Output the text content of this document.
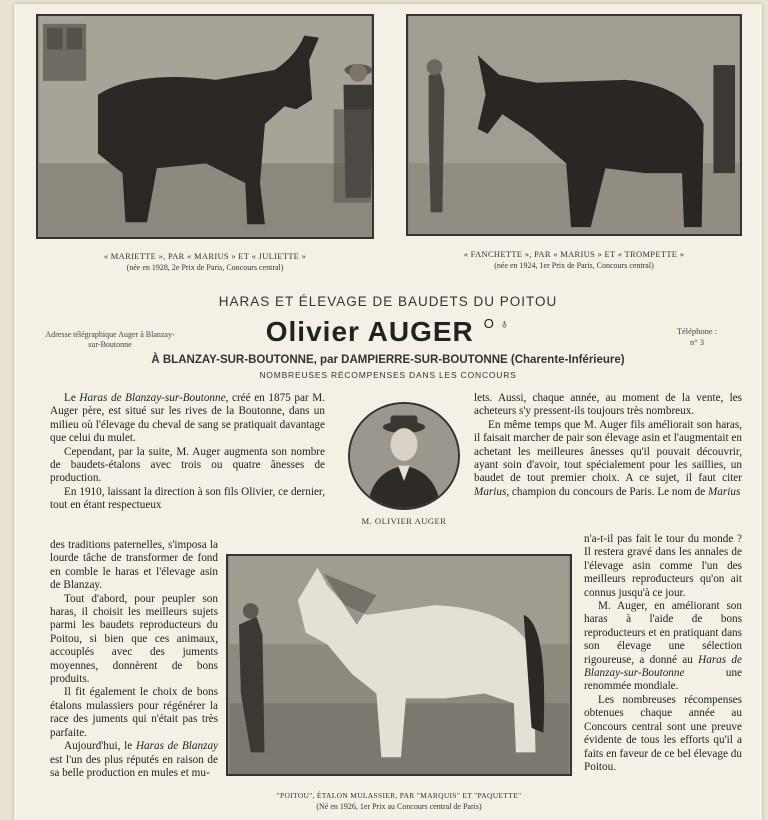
« MARIETTE », PAR « MARIUS » ET « JULIETTE »
(née en 1928, 2e Prix de Paris, Concours central)
« FANCHETTE », PAR « MARIUS » ET « TROMPETTE »
(née en 1924, 1er Prix de Paris, Concours central)
HARAS ET ÉLEVAGE DE BAUDETS DU POITOU
Adresse télégraphique Auger à Blanzay-sur-Boutonne	Olivier AUGER $^{O ♁}$	Téléphone :
n° 3
À BLANZAY-SUR-BOUTONNE, par DAMPIERRE-SUR-BOUTONNE (Charente-Inférieure)
NOMBREUSES RÉCOMPENSES DANS LES CONCOURS

Le Haras de Blanzay-sur-Boutonne, créé en 1875 par M. Auger père, est situé sur les rives de la Boutonne, dans un milieu où l'élevage du cheval de sang se pratiquait davantage que celui du mulet.

Cependant, par la suite, M. Auger augmenta son nombre de baudets-étalons avec trois ou quatre ânesses de production.

En 1910, laissant la direction à son fils Olivier, ce dernier, tout en étant respectueux

des traditions paternelles, s'imposa la lourde tâche de transformer de fond en comble le haras et l'élevage asin de Blanzay.

Tout d'abord, pour peupler son haras, il choisit les meilleurs sujets parmi les baudets reproducteurs du Poitou, si bien que ces animaux, accouplés avec des juments moyennes, donnèrent de bons produits.

Il fit également le choix de bons étalons mulassiers pour régénérer la race des juments qui n'était pas très parfaite.

Aujourd'hui, le Haras de Blanzay est l'un des plus réputés en raison de sa belle production en mules et mu-

M. OLIVIER AUGER

lets. Aussi, chaque année, au moment de la vente, les acheteurs s'y pressent-ils toujours très nombreux.

En même temps que M. Auger fils améliorait son haras, il faisait marcher de pair son élevage asin et l'augmentait en achetant les meilleures ânesses qu'il pouvait découvrir, ayant soin d'avoir, tout spécialement pour les saillies, un baudet de tout premier choix. A ce sujet, il faut citer Marius, champion du concours de Paris. Le nom de Marius

n'a-t-il pas fait le tour du monde ? Il restera gravé dans les annales de l'élevage asin comme l'un des meilleurs reproducteurs qu'on ait connus jusqu'à ce jour.

M. Auger, en améliorant son haras à l'aide de bons reproducteurs et en pratiquant dans son élevage une sélection rigoureuse, a donné au Haras de Blanzay-sur-Boutonne une renommée mondiale.

Les nombreuses récompenses obtenues chaque année au Concours central sont une preuve évidente de tous les efforts qu'il a faits en faveur de ce bel élevage du Poitou.

"POITOU", ÉTALON MULASSIER, PAR "MARQUIS" ET "PAQUETTE"
(Né en 1926, 1er Prix au Concours central de Paris)
